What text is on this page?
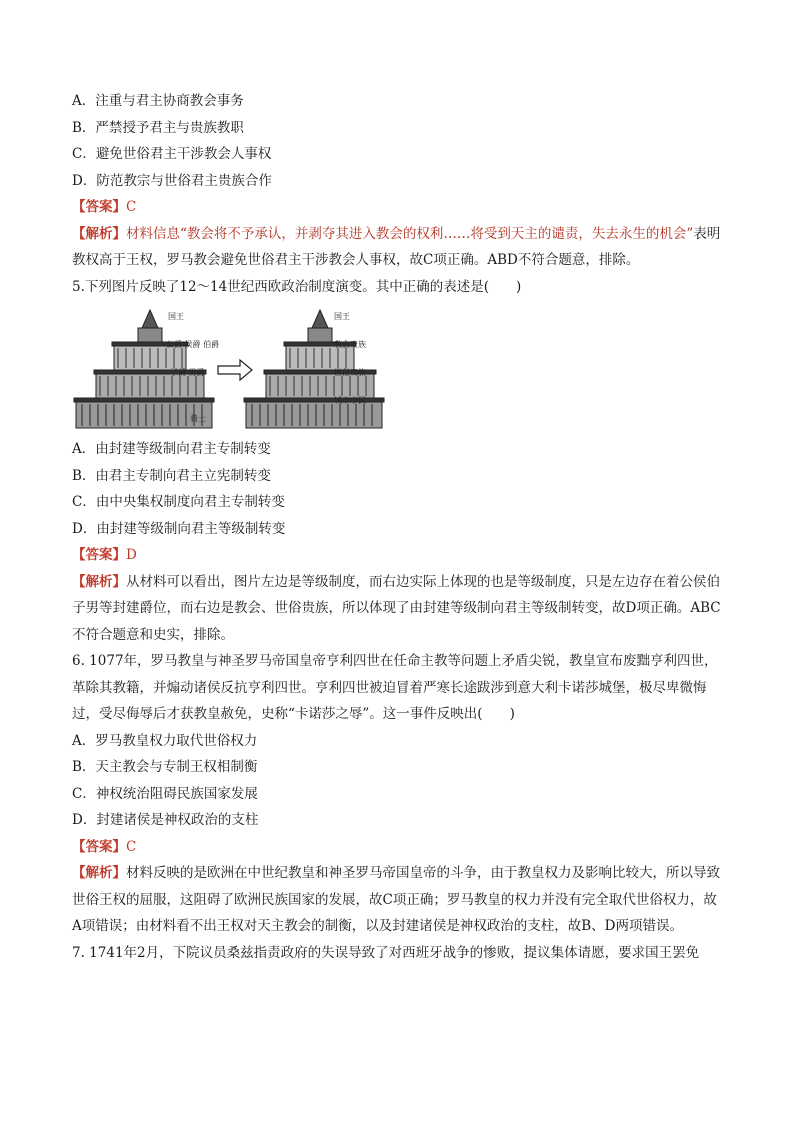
A．注重与君主协商教会事务

B．严禁授予君主与贵族教职

C．避免世俗君主干涉教会人事权

D．防范教宗与世俗君主贵族合作

【答案】C

【解析】材料信息“教会将不予承认，并剥夺其进入教会的权利……将受到天主的谴责，失去永生的机会”表明教权高于王权，罗马教会避免世俗君主干涉教会人事权，故C项正确。ABD不符合题意，排除。

5.下列图片反映了12～14世纪西欧政治制度演变。其中正确的表述是(　　)

国王
公爵 侯爵 伯爵
子爵 男爵
骑士
国王
教会贵族
世俗贵族
城市市民

A．由封建等级制向君主专制转变

B．由君主专制向君主立宪制转变

C．由中央集权制度向君主专制转变

D．由封建等级制向君主等级制转变

【答案】D

【解析】从材料可以看出，图片左边是等级制度，而右边实际上体现的也是等级制度，只是左边存在着公侯伯子男等封建爵位，而右边是教会、世俗贵族，所以体现了由封建等级制向君主等级制转变，故D项正确。ABC不符合题意和史实，排除。

6. 1077年，罗马教皇与神圣罗马帝国皇帝亨利四世在任命主教等问题上矛盾尖锐，教皇宣布废黜亨利四世，革除其教籍，并煽动诸侯反抗亨利四世。亨利四世被迫冒着严寒长途跋涉到意大利卡诺莎城堡，极尽卑微悔过，受尽侮辱后才获教皇赦免，史称“卡诺莎之辱”。这一事件反映出(　　)

A．罗马教皇权力取代世俗权力

B．天主教会与专制王权相制衡

C．神权统治阻碍民族国家发展

D．封建诸侯是神权政治的支柱

【答案】C

【解析】材料反映的是欧洲在中世纪教皇和神圣罗马帝国皇帝的斗争，由于教皇权力及影响比较大，所以导致世俗王权的屈服，这阻碍了欧洲民族国家的发展，故C项正确；罗马教皇的权力并没有完全取代世俗权力，故A项错误；由材料看不出王权对天主教会的制衡，以及封建诸侯是神权政治的支柱，故B、D两项错误。

7. 1741年2月，下院议员桑兹指责政府的失误导致了对西班牙战争的惨败，提议集体请愿，要求国王罢免
